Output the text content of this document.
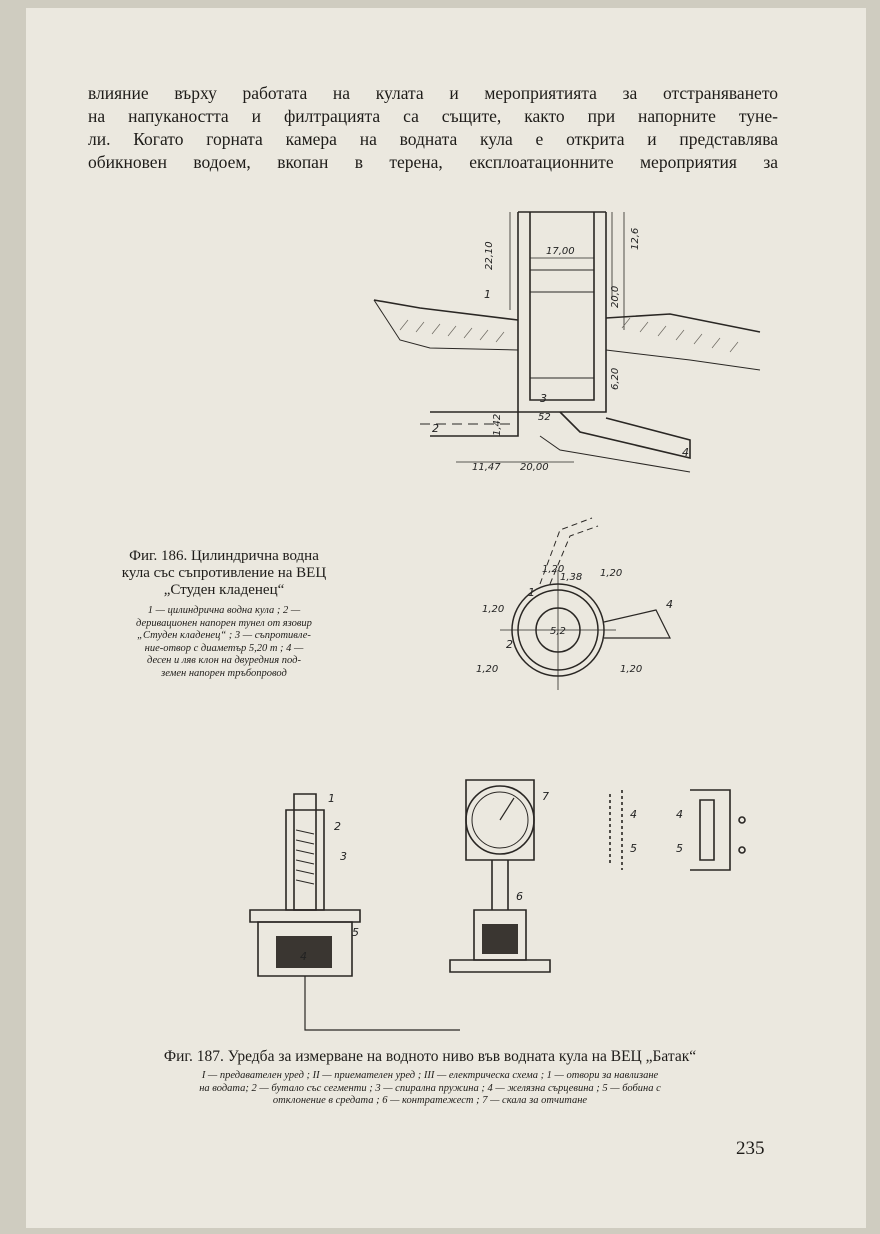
влияние върху работата на кулата и мероприятията за отстраняването
на напукаността и филтрацията са същите, както при напорните туне-
ли. Когато горната камера на водната кула е открита и представлява
обикновен водоем, вкопан в терена, експлоатационните мероприятия за
22,10	17,00
12,6
20,0
6,20
1,42	52
11,47 20,00
1
2
3
4
1,20
1,38 1,20
1,20
5,2
1,20	1,20
1
2
4
Фиг. 186. Цилиндрична водна
кула със съпротивление на ВЕЦ
„Студен кладенец“
1 — цилиндрична водна кула ; 2 —
деривационен напорен тунел от язовир
„Студен кладенец“ ; 3 — съпротивле-
ние-отвор с диаметър 5,20 m ; 4 —
десен и ляв клон на двуредния под-
земен напорен тръбопровод
1
2
3
4
5
6
7
4
5
4
5
Фиг. 187. Уредба за измерване на водното ниво във водната кула на ВЕЦ „Батак“
I — предавателен уред ; II — приемателен уред ; III — електрическа схема ; 1 — отвори за навлизане
на водата; 2 — бутало със сегменти ; 3 — спирална пружина ; 4 — желязна сърцевина ; 5 — бобина с
отклонение в средата ; 6 — контратежест ; 7 — скала за отчитане
235
